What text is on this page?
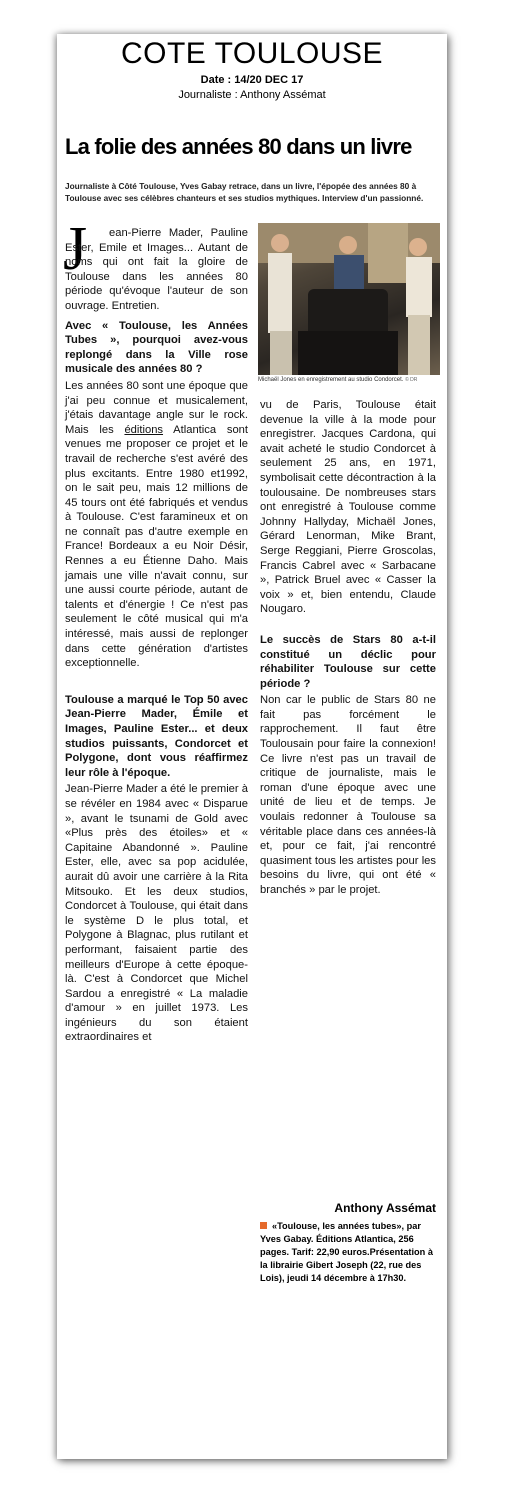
COTE TOULOUSE
Date : 14/20 DEC 17
Journaliste : Anthony Assémat
La folie des années 80 dans un livre
Journaliste à Côté Toulouse, Yves Gabay retrace, dans un livre, l'épopée des années 80 à Toulouse avec ses célèbres chanteurs et ses studios mythiques. Interview d'un passionné.
J
Michaël Jones en enregistrement au studio Condorcet. © DR

ean-Pierre Mader, Pauline Ester, Emile et Images... Autant de noms qui ont fait la gloire de Toulouse dans les années 80 période qu'évoque l'auteur de son ouvrage. Entretien.

Avec « Toulouse, les Années Tubes », pourquoi avez-vous replongé dans la Ville rose musicale des années 80 ?

Les années 80 sont une époque que j'ai peu connue et musicalement, j'étais davantage angle sur le rock. Mais les éditions Atlantica sont venues me proposer ce projet et le travail de recherche s'est avéré des plus excitants. Entre 1980 et1992, on le sait peu, mais 12 millions de 45 tours ont été fabriqués et vendus à Toulouse. C'est faramineux et on ne connaît pas d'autre exemple en France! Bordeaux a eu Noir Désir, Rennes a eu Étienne Daho. Mais jamais une ville n'avait connu, sur une aussi courte période, autant de talents et d'énergie ! Ce n'est pas seulement le côté musical qui m'a intéressé, mais aussi de replonger dans cette génération d'artistes exceptionnelle.

Toulouse a marqué le Top 50 avec Jean-Pierre Mader, Émile et Images, Pauline Ester... et deux studios puissants, Condorcet et Polygone, dont vous réaffirmez leur rôle à l'époque.

Jean-Pierre Mader a été le premier à se révéler en 1984 avec « Disparue », avant le tsunami de Gold avec «Plus près des étoiles» et « Capitaine Abandonné ». Pauline Ester, elle, avec sa pop acidulée, aurait dû avoir une carrière à la Rita Mitsouko. Et les deux studios, Condorcet à Toulouse, qui était dans le système D le plus total, et Polygone à Blagnac, plus rutilant et performant, faisaient partie des meilleurs d'Europe à cette époque-là. C'est à Condorcet que Michel Sardou a enregistré « La maladie d'amour » en juillet 1973. Les ingénieurs du son étaient extraordinaires et

vu de Paris, Toulouse était devenue la ville à la mode pour enregistrer. Jacques Cardona, qui avait acheté le studio Condorcet à seulement 25 ans, en 1971, symbolisait cette décontraction à la toulousaine. De nombreuses stars ont enregistré à Toulouse comme Johnny Hallyday, Michaël Jones, Gérard Lenorman, Mike Brant, Serge Reggiani, Pierre Groscolas, Francis Cabrel avec « Sarbacane », Patrick Bruel avec « Casser la voix » et, bien entendu, Claude Nougaro.

Le succès de Stars 80 a-t-il constitué un déclic pour réhabiliter Toulouse sur cette période ?

Non car le public de Stars 80 ne fait pas forcément le rapprochement. Il faut être Toulousain pour faire la connexion! Ce livre n'est pas un travail de critique de journaliste, mais le roman d'une époque avec une unité de lieu et de temps. Je voulais redonner à Toulouse sa véritable place dans ces années-là et, pour ce fait, j'ai rencontré quasiment tous les artistes pour les besoins du livre, qui ont été « branchés » par le projet.

Anthony Assémat
«Toulouse, les années tubes», par Yves Gabay. Éditions Atlantica, 256 pages. Tarif: 22,90 euros.Présentation à la librairie Gibert Joseph (22, rue des Lois), jeudi 14 décembre à 17h30.
